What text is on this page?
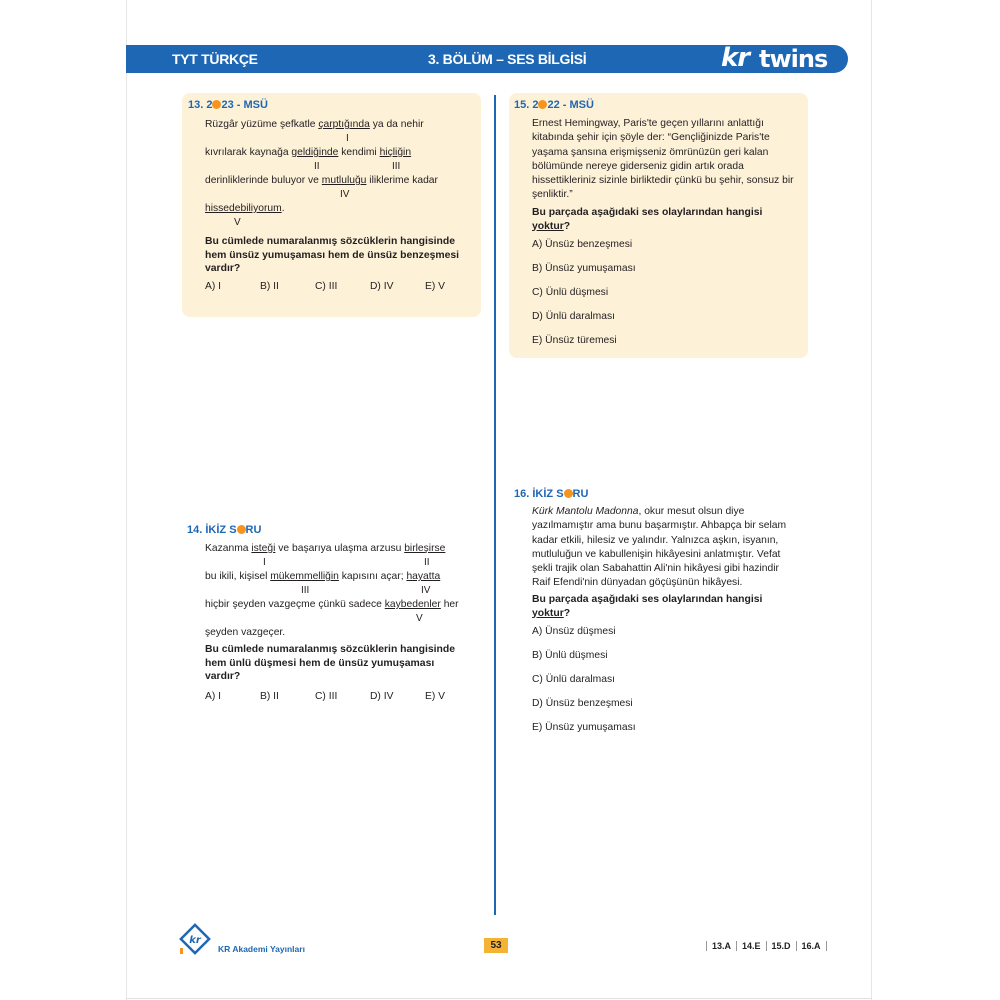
TYT TÜRKÇE	3. BÖLÜM – SES BİLGİSİ	kr twins
13. 2 23 - MSÜ
Rüzgâr yüzüme şefkatle çarptığında ya da nehir
I
kıvrılarak kaynağa geldiğinde kendimi hiçliğin
II	III
derinliklerinde buluyor ve mutluluğu iliklerime kadar
IV
hissedebiliyorum.
V
Bu cümlede numaralanmış sözcüklerin hangisinde hem ünsüz yumuşaması hem de ünsüz benzeşmesi vardır?
A) I	B) II	C) III	D) IV	E) V
15. 2 22 - MSÜ
Ernest Hemingway, Paris'te geçen yıllarını anlattığı
kitabında şehir için şöyle der: “Gençliğinizde Paris'te
yaşama şansına erişmişseniz ömrünüzün geri kalan
bölümünde nereye giderseniz gidin artık orada
hissettikleriniz sizinle birliktedir çünkü bu şehir, sonsuz bir
şenliktir.”
Bu parçada aşağıdaki ses olaylarından hangisi
yoktur?
A) Ünsüz benzeşmesi
B) Ünsüz yumuşaması
C) Ünlü düşmesi
D) Ünlü daralması
E) Ünsüz türemesi
14. İKİZ S RU
Kazanma isteği ve başarıya ulaşma arzusu birleşirse
I	II
bu ikili, kişisel mükemmelliğin kapısını açar; hayatta
III	IV
hiçbir şeyden vazgeçme çünkü sadece kaybedenler her
V
şeyden vazgeçer.
Bu cümlede numaralanmış sözcüklerin hangisinde hem ünlü düşmesi hem de ünsüz yumuşaması vardır?
A) I	B) II	C) III	D) IV	E) V
16. İKİZ S RU
Kürk Mantolu Madonna, okur mesut olsun diye
yazılmamıştır ama bunu başarmıştır. Ahbapça bir selam
kadar etkili, hilesiz ve yalındır. Yalnızca aşkın, isyanın,
mutluluğun ve kabullenişin hikâyesini anlatmıştır. Vefat
şekli trajik olan Sabahattin Ali'nin hikâyesi gibi hazindir
Raif Efendi'nin dünyadan göçüşünün hikâyesi.
Bu parçada aşağıdaki ses olaylarından hangisi
yoktur?
A) Ünsüz düşmesi
B) Ünlü düşmesi
C) Ünlü daralması
D) Ünsüz benzeşmesi
E) Ünsüz yumuşaması
kr
KR Akademi Yayınları	53	13.A	14.E	15.D	16.A
